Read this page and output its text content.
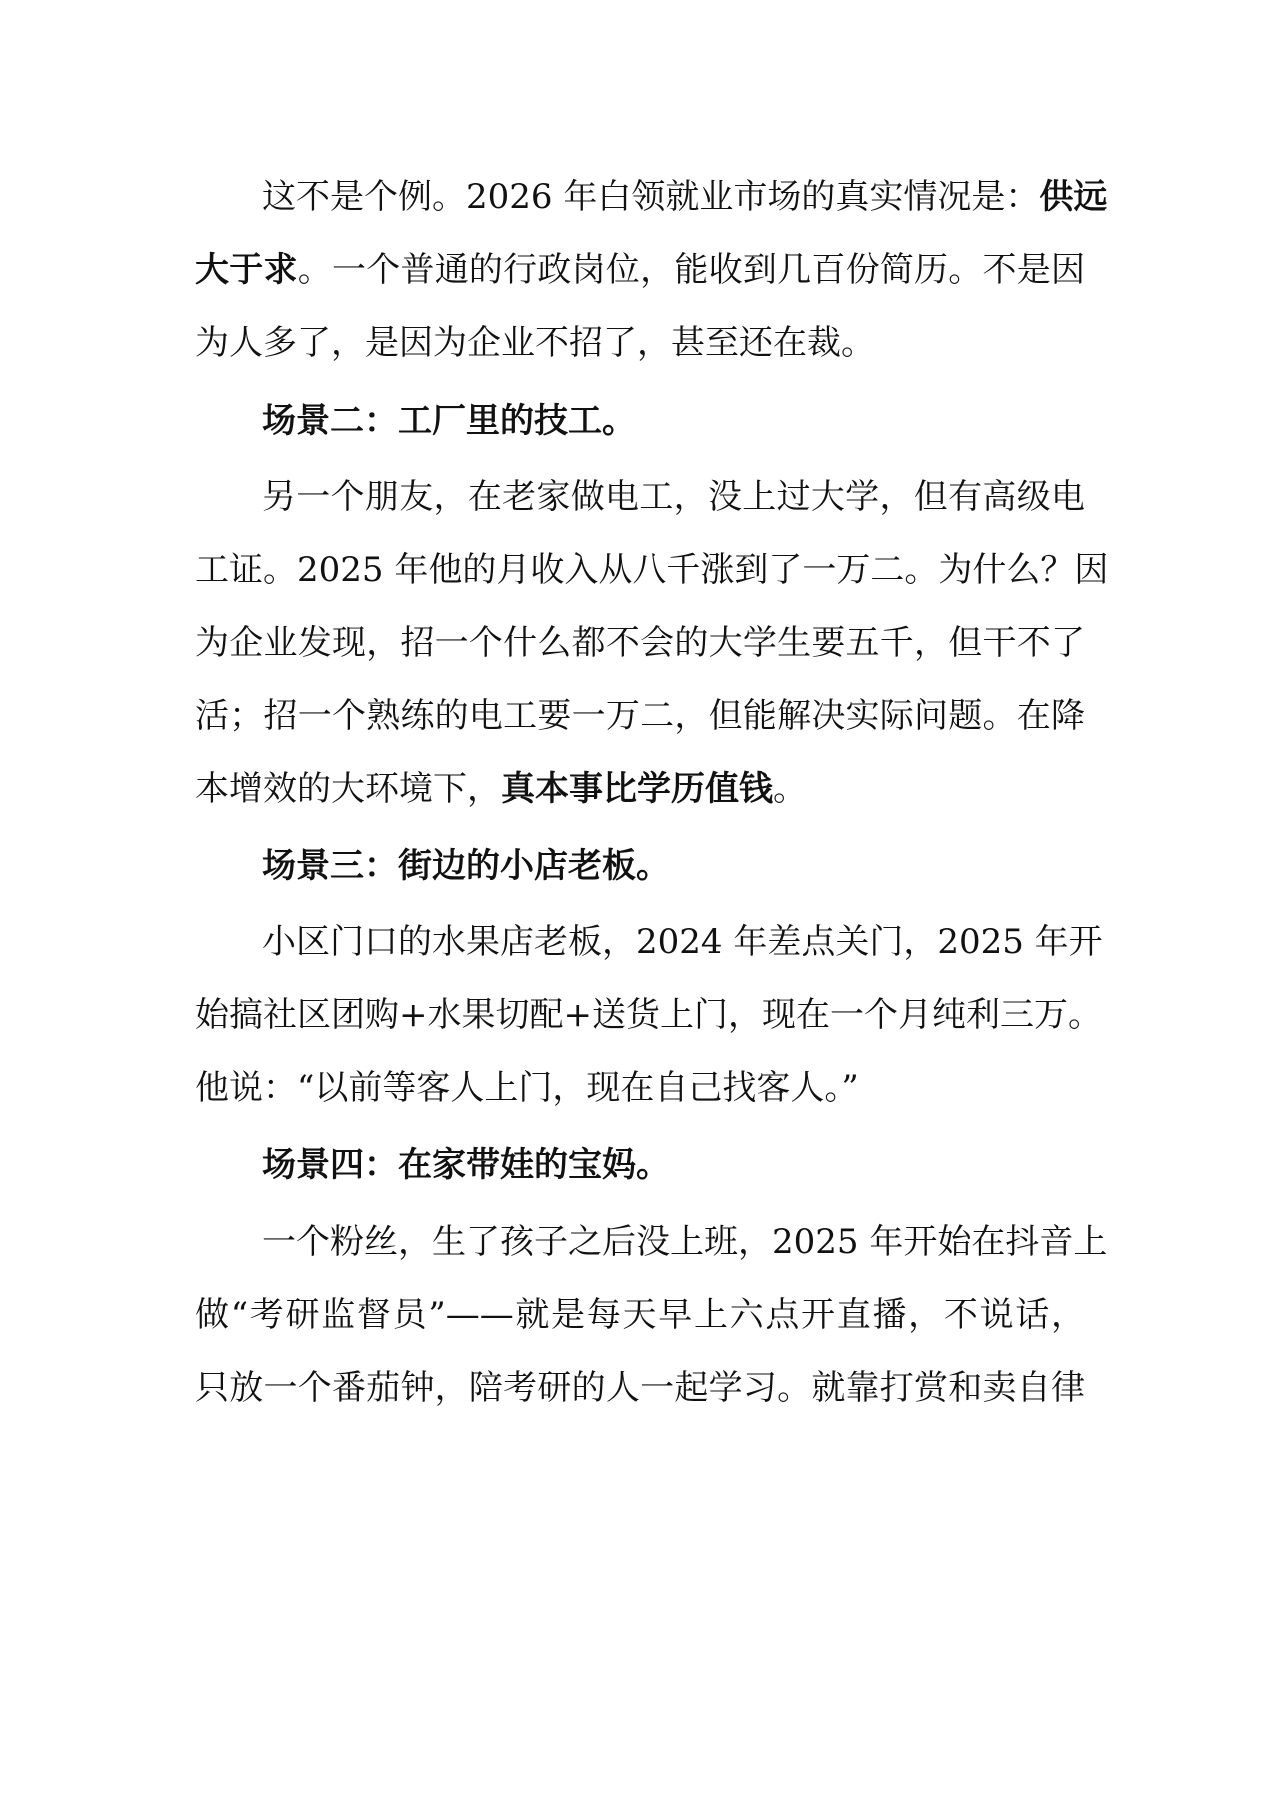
这不是个例。2026 年白领就业市场的真实情况是：供远
大于求。一个普通的行政岗位，能收到几百份简历。不是因
为人多了，是因为企业不招了，甚至还在裁。
场景二：工厂里的技工。
另一个朋友，在老家做电工，没上过大学，但有高级电
工证。2025 年他的月收入从八千涨到了一万二。为什么？因
为企业发现，招一个什么都不会的大学生要五千，但干不了
活；招一个熟练的电工要一万二，但能解决实际问题。在降
本增效的大环境下，真本事比学历值钱。
场景三：街边的小店老板。
小区门口的水果店老板，2024 年差点关门，2025 年开
始搞社区团购+水果切配+送货上门，现在一个月纯利三万。
他说：“以前等客人上门，现在自己找客人。”
场景四：在家带娃的宝妈。
一个粉丝，生了孩子之后没上班，2025 年开始在抖音上
做“考研监督员”——就是每天早上六点开直播，不说话，
只放一个番茄钟，陪考研的人一起学习。就靠打赏和卖自律
